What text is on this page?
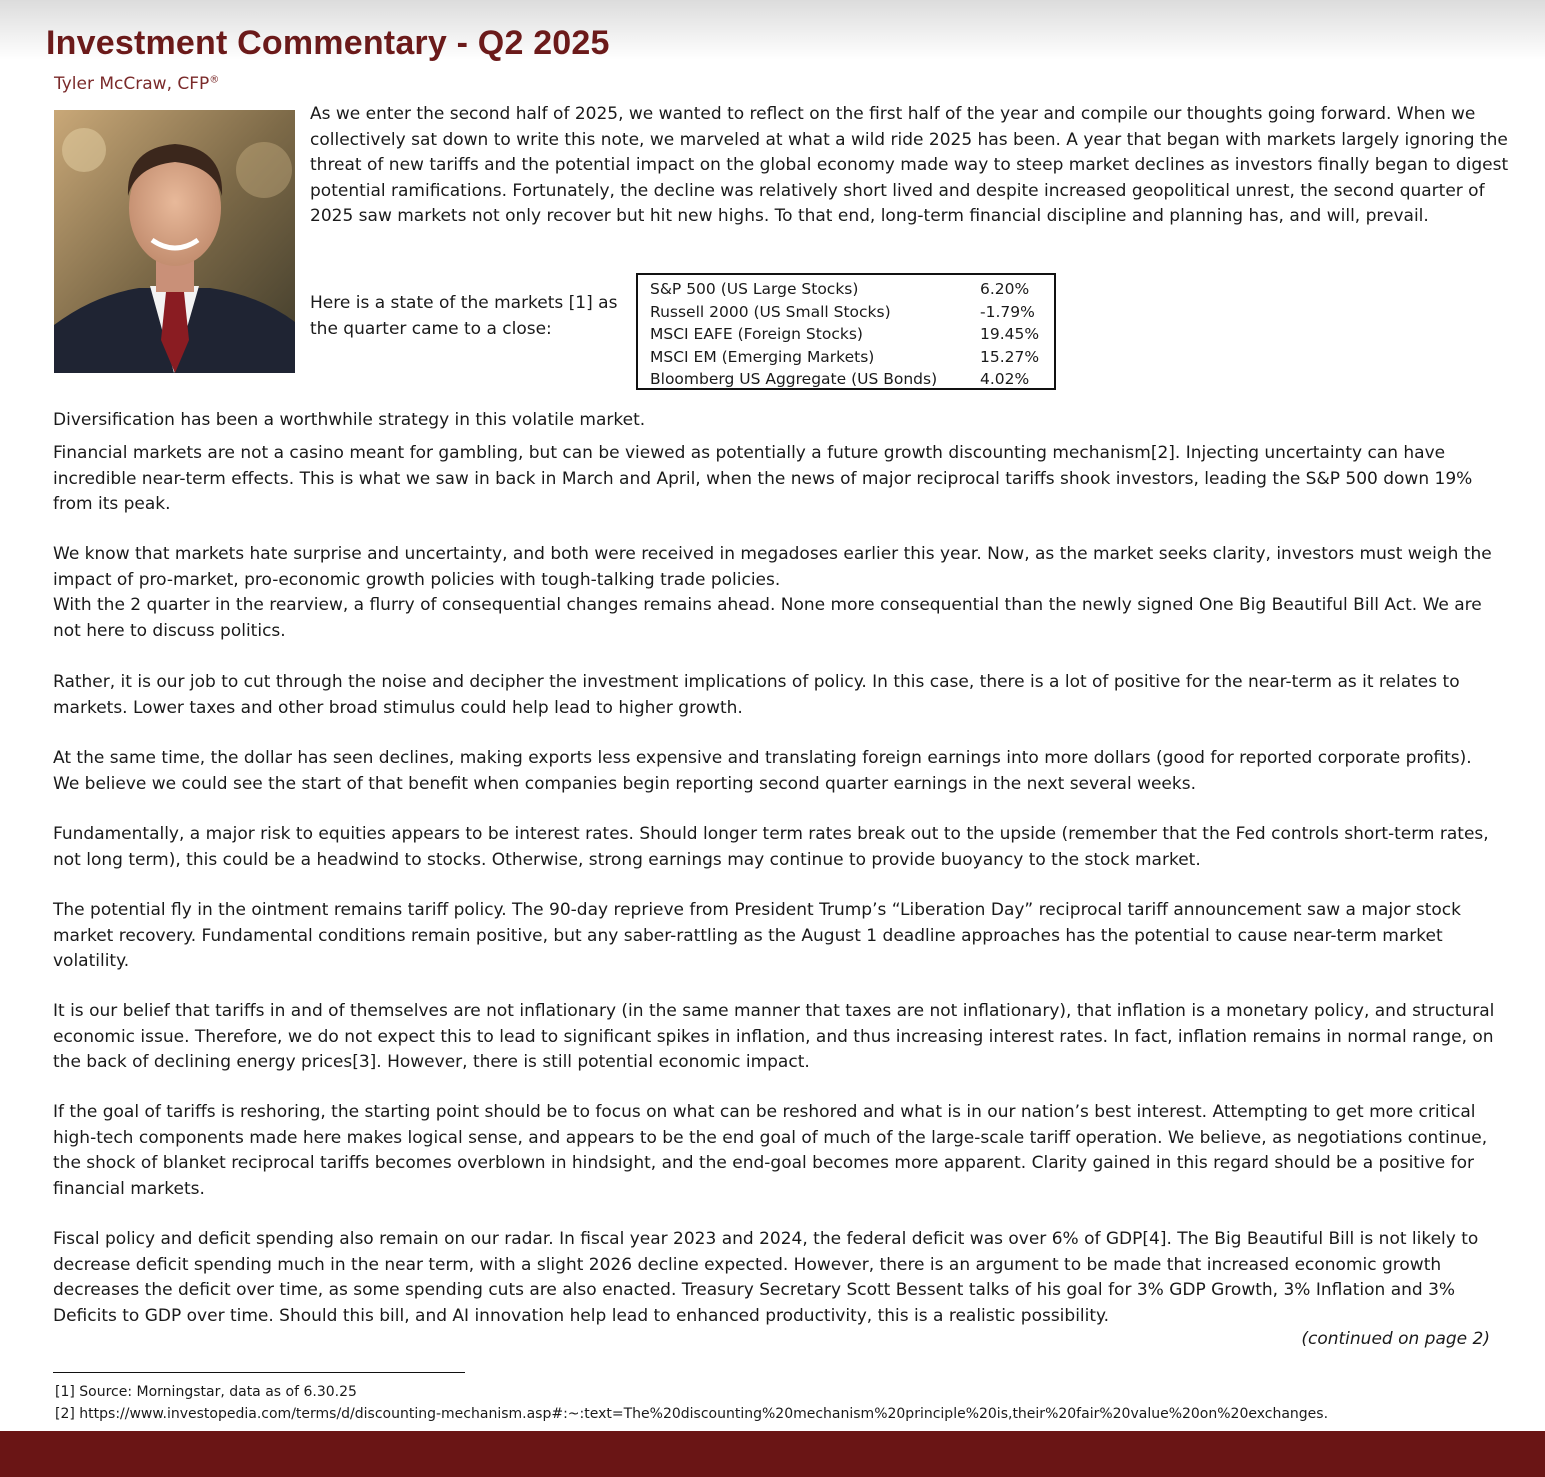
Investment Commentary - Q2 2025
Tyler McCraw, CFP®

As we enter the second half of 2025, we wanted to reflect on the first half of the year and compile our thoughts going forward. When we collectively sat down to write this note, we marveled at what a wild ride 2025 has been. A year that began with markets largely ignoring the threat of new tariffs and the potential impact on the global economy made way to steep market declines as investors finally began to digest potential ramifications. Fortunately, the decline was relatively short lived and despite increased geopolitical unrest, the second quarter of 2025 saw markets not only recover but hit new highs. To that end, long-term financial discipline and planning has, and will, prevail.

Here is a state of the markets [1] as the quarter came to a close:

S&P 500 (US Large Stocks)	6.20%
Russell 2000 (US Small Stocks)	-1.79%
MSCI EAFE (Foreign Stocks)	19.45%
MSCI EM (Emerging Markets)	15.27%
Bloomberg US Aggregate (US Bonds)	4.02%

Diversification has been a worthwhile strategy in this volatile market.

Financial markets are not a casino meant for gambling, but can be viewed as potentially a future growth discounting mechanism[2]. Injecting uncertainty can have incredible near-term effects. This is what we saw in back in March and April, when the news of major reciprocal tariffs shook investors, leading the S&P 500 down 19% from its peak.

We know that markets hate surprise and uncertainty, and both were received in megadoses earlier this year. Now, as the market seeks clarity, investors must weigh the impact of pro-market, pro-economic growth policies with tough-talking trade policies.

With the 2 quarter in the rearview, a flurry of consequential changes remains ahead. None more consequential than the newly signed One Big Beautiful Bill Act. We are not here to discuss politics.

Rather, it is our job to cut through the noise and decipher the investment implications of policy. In this case, there is a lot of positive for the near-term as it relates to markets. Lower taxes and other broad stimulus could help lead to higher growth.

At the same time, the dollar has seen declines, making exports less expensive and translating foreign earnings into more dollars (good for reported corporate profits). We believe we could see the start of that benefit when companies begin reporting second quarter earnings in the next several weeks.

Fundamentally, a major risk to equities appears to be interest rates. Should longer term rates break out to the upside (remember that the Fed controls short-term rates, not long term), this could be a headwind to stocks. Otherwise, strong earnings may continue to provide buoyancy to the stock market.

The potential fly in the ointment remains tariff policy. The 90-day reprieve from President Trump’s “Liberation Day” reciprocal tariff announcement saw a major stock market recovery. Fundamental conditions remain positive, but any saber-rattling as the August 1 deadline approaches has the potential to cause near-term market volatility.

It is our belief that tariffs in and of themselves are not inflationary (in the same manner that taxes are not inflationary), that inflation is a monetary policy, and structural economic issue. Therefore, we do not expect this to lead to significant spikes in inflation, and thus increasing interest rates. In fact, inflation remains in normal range, on the back of declining energy prices[3]. However, there is still potential economic impact.

If the goal of tariffs is reshoring, the starting point should be to focus on what can be reshored and what is in our nation’s best interest. Attempting to get more critical high-tech components made here makes logical sense, and appears to be the end goal of much of the large-scale tariff operation. We believe, as negotiations continue, the shock of blanket reciprocal tariffs becomes overblown in hindsight, and the end-goal becomes more apparent. Clarity gained in this regard should be a positive for financial markets.

Fiscal policy and deficit spending also remain on our radar. In fiscal year 2023 and 2024, the federal deficit was over 6% of GDP[4]. The Big Beautiful Bill is not likely to decrease deficit spending much in the near term, with a slight 2026 decline expected. However, there is an argument to be made that increased economic growth decreases the deficit over time, as some spending cuts are also enacted. Treasury Secretary Scott Bessent talks of his goal for 3% GDP Growth, 3% Inflation and 3% Deficits to GDP over time. Should this bill, and AI innovation help lead to enhanced productivity, this is a realistic possibility.

(continued on page 2)
[1] Source: Morningstar, data as of 6.30.25
[2] https://www.investopedia.com/terms/d/discounting-mechanism.asp#:~:text=The%20discounting%20mechanism%20principle%20is,their%20fair%20value%20on%20exchanges.
